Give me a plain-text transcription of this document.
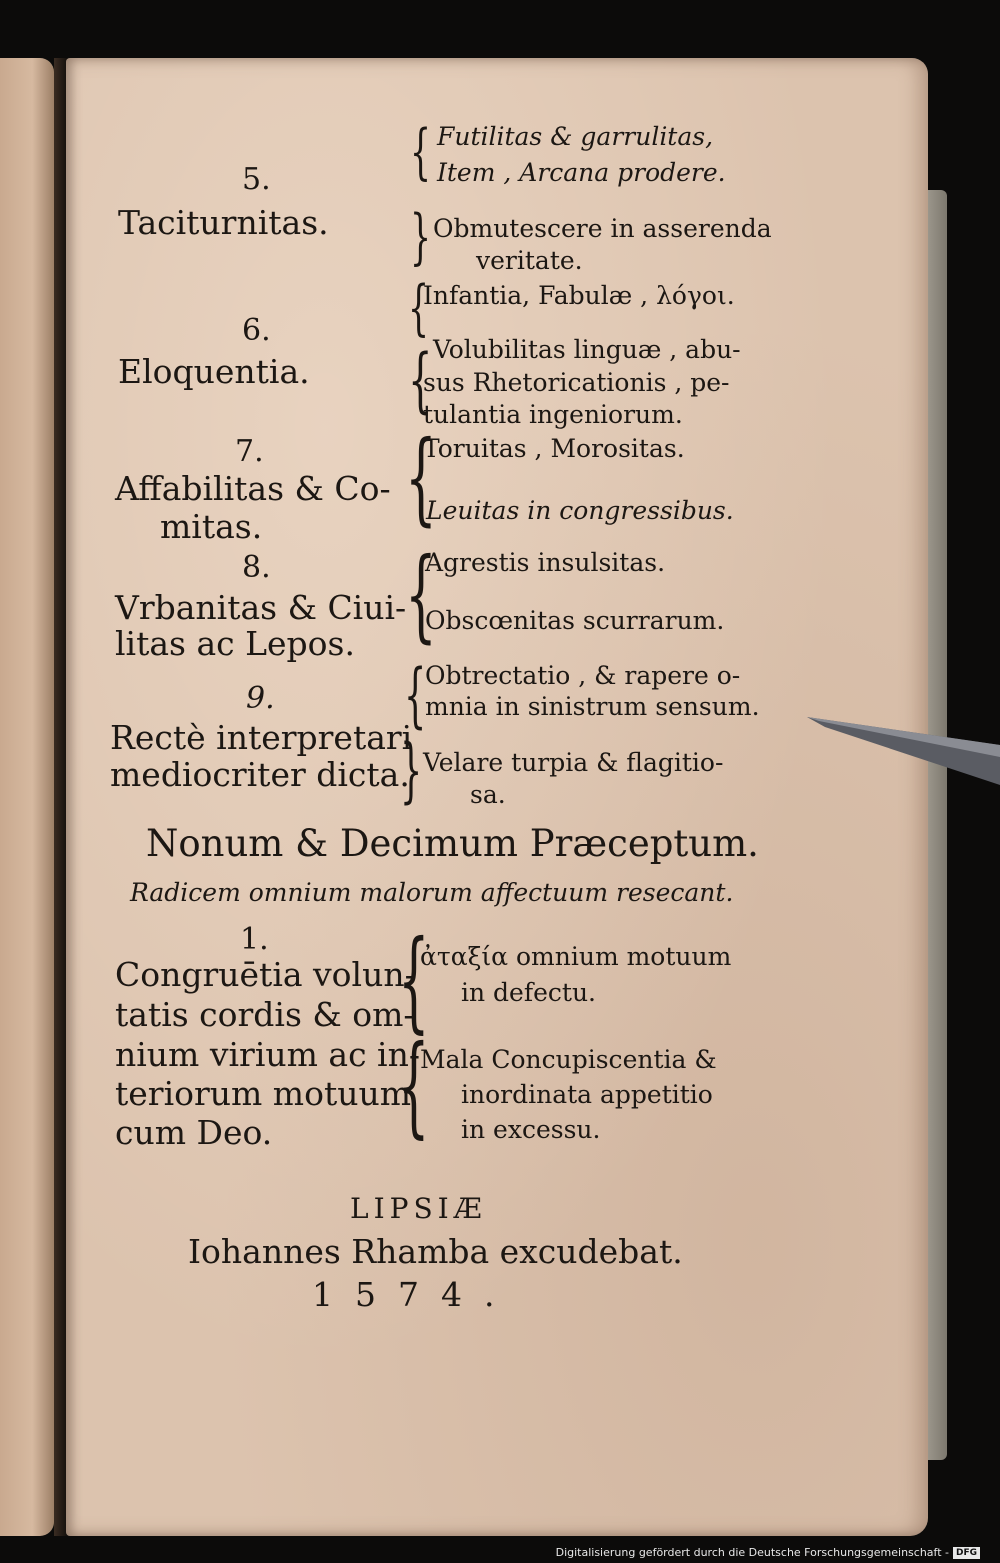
5.
Taciturnitas.
{ Futilitas & garrulitas,
Item , Arcana prodere.
} Obmutescere in asserenda
veritate.
6.
Eloquentia.
{
Infantia, Fabulæ , λόγοι.
{ Volubilitas linguæ , abu-
sus Rhetoricationis , pe-
tulantia ingeniorum.
7.
Affabilitas & Co-
mitas. {
Toruitas , Morositas.
Leuitas in congressibus.
8.
Vrbanitas & Ciui-
litas ac Lepos. {
Agrestis insulsitas.
Obscœnitas scurrarum.
9.
Rectè interpretari
mediocriter dicta.
{
Obtrectatio , & rapere o-
mnia in sinistrum sensum.
} Velare turpia & flagitio-
sa.
Nonum & Decimum Præceptum.
Radicem omnium malorum affectuum resecant.
1.
Congruētia volun-
tatis cordis & om-
nium virium ac in-
teriorum motuum
cum Deo.
{
{
ἀταξία omnium motuum
in defectu.
Mala Concupiscentia &
inordinata appetitio
in excessu.
LIPSIÆ
Iohannes Rhamba excudebat.
1574.
Digitalisierung gefördert durch die Deutsche Forschungsgemeinschaft - DFG
